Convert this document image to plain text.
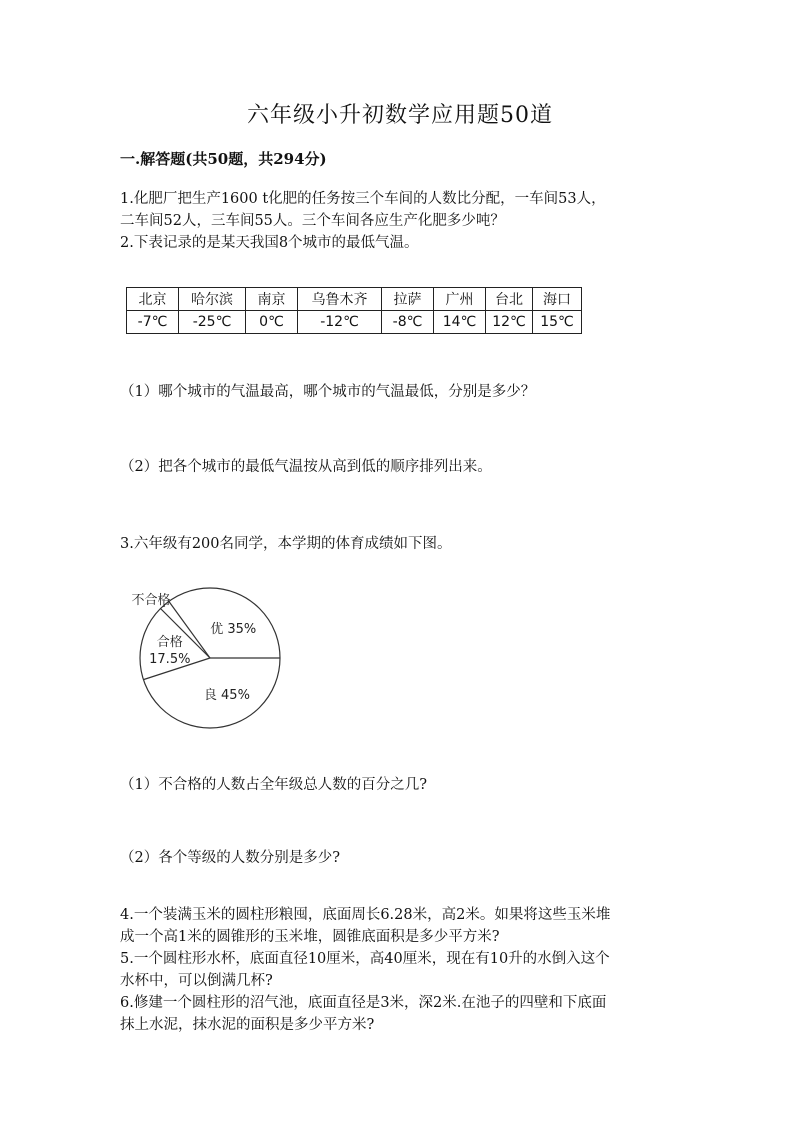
六年级小升初数学应用题50道
一.解答题(共50题，共294分)
1.化肥厂把生产1600 t化肥的任务按三个车间的人数比分配，一车间53人，
二车间52人，三车间55人。三个车间各应生产化肥多少吨？
2.下表记录的是某天我国8个城市的最低气温。
北京	哈尔滨	南京	乌鲁木齐	拉萨	广州	台北	海口
-7℃	-25℃	0℃	-12℃	-8℃	14℃	12℃	15℃
（1）哪个城市的气温最高，哪个城市的气温最低，分别是多少？
（2）把各个城市的最低气温按从高到低的顺序排列出来。
3.六年级有200名同学，本学期的体育成绩如下图。
优 35%
良 45%
合格
17.5%
不合格
（1）不合格的人数占全年级总人数的百分之几?
（2）各个等级的人数分别是多少?
4.一个装满玉米的圆柱形粮囤，底面周长6.28米，高2米。如果将这些玉米堆
成一个高1米的圆锥形的玉米堆，圆锥底面积是多少平方米?
5.一个圆柱形水杯，底面直径10厘米，高40厘米，现在有10升的水倒入这个
水杯中，可以倒满几杯?
6.修建一个圆柱形的沼气池，底面直径是3米，深2米.在池子的四壁和下底面
抹上水泥，抹水泥的面积是多少平方米?
